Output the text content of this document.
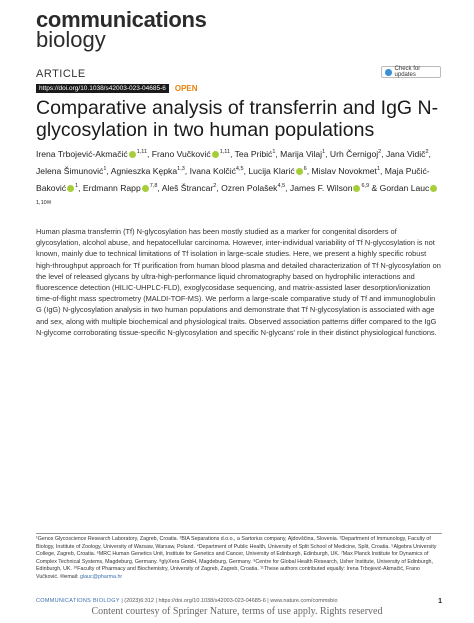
communications
biology
ARTICLE	Check for updates
https://doi.org/10.1038/s42003-023-04685-6	OPEN
Comparative analysis of transferrin and IgG N-glycosylation in two human populations
Irena Trbojević-Akmačić $^{1,11}$, Frano Vučković $^{1,11}$, Tea Pribić$^1$, Marija Vilaj$^1$, Urh Černigoj$^2$, Jana Vidič$^2$, Jelena Šimunović$^1$, Agnieszka Kępka$^{1,3}$, Ivana Kolčić$^{4,5}$, Lucija Klarić $^6$, Mislav Novokmet$^1$, Maja Pučić-Baković $^1$, Erdmann Rapp $^{7,8}$, Aleš Štrancar$^2$, Ozren Polašek$^{4,5}$, James F. Wilson $^{6,9}$ & Gordan Lauc$^{1,10✉}$

Human plasma transferrin (Tf) N-glycosylation has been mostly studied as a marker for congenital disorders of glycosylation, alcohol abuse, and hepatocellular carcinoma. However, inter-individual variability of Tf N-glycosylation is not known, mainly due to technical limitations of Tf isolation in large-scale studies. Here, we present a highly specific robust high-throughput approach for Tf purification from human blood plasma and detailed characterization of Tf N-glycosylation on the level of released glycans by ultra-high-performance liquid chromatography based on hydrophilic interactions and fluorescence detection (HILIC-UHPLC-FLD), exoglycosidase sequencing, and matrix-assisted laser desorption/ionization time-of-flight mass spectrometry (MALDI-TOF-MS). We perform a large-scale comparative study of Tf and immunoglobulin G (IgG) N-glycosylation analysis in two human populations and demonstrate that Tf N-glycosylation is associated with age and sex, along with multiple biochemical and physiological traits. Observed association patterns differ compared to the IgG N-glycome corroborating tissue-specific N-glycosylation and specific N-glycans' role in their distinct physiological functions.

¹Genos Glycoscience Research Laboratory, Zagreb, Croatia. ²BIA Separations d.o.o., a Sartorius company, Ajdovščina, Slovenia. ³Department of Immunology, Faculty of Biology, Institute of Zoology, University of Warsaw, Warsaw, Poland. ⁴Department of Public Health, University of Split School of Medicine, Split, Croatia. ⁵Algebra University College, Zagreb, Croatia. ⁶MRC Human Genetics Unit, Institute for Genetics and Cancer, University of Edinburgh, Edinburgh, UK. ⁷Max Planck Institute for Dynamics of Complex Technical Systems, Magdeburg, Germany. ⁸glyXera GmbH, Magdeburg, Germany. ⁹Centre for Global Health Research, Usher Institute, University of Edinburgh, Edinburgh, UK. ¹⁰Faculty of Pharmacy and Biochemistry, University of Zagreb, Zagreb, Croatia. ¹¹These authors contributed equally: Irena Trbojević-Akmačić, Frano Vučković. ✉email: glauc@pharma.hr

COMMUNICATIONS BIOLOGY | (2023)6:312 | https://doi.org/10.1038/s42003-023-04685-6 | www.nature.com/commsbio	1
Content courtesy of Springer Nature, terms of use apply. Rights reserved
